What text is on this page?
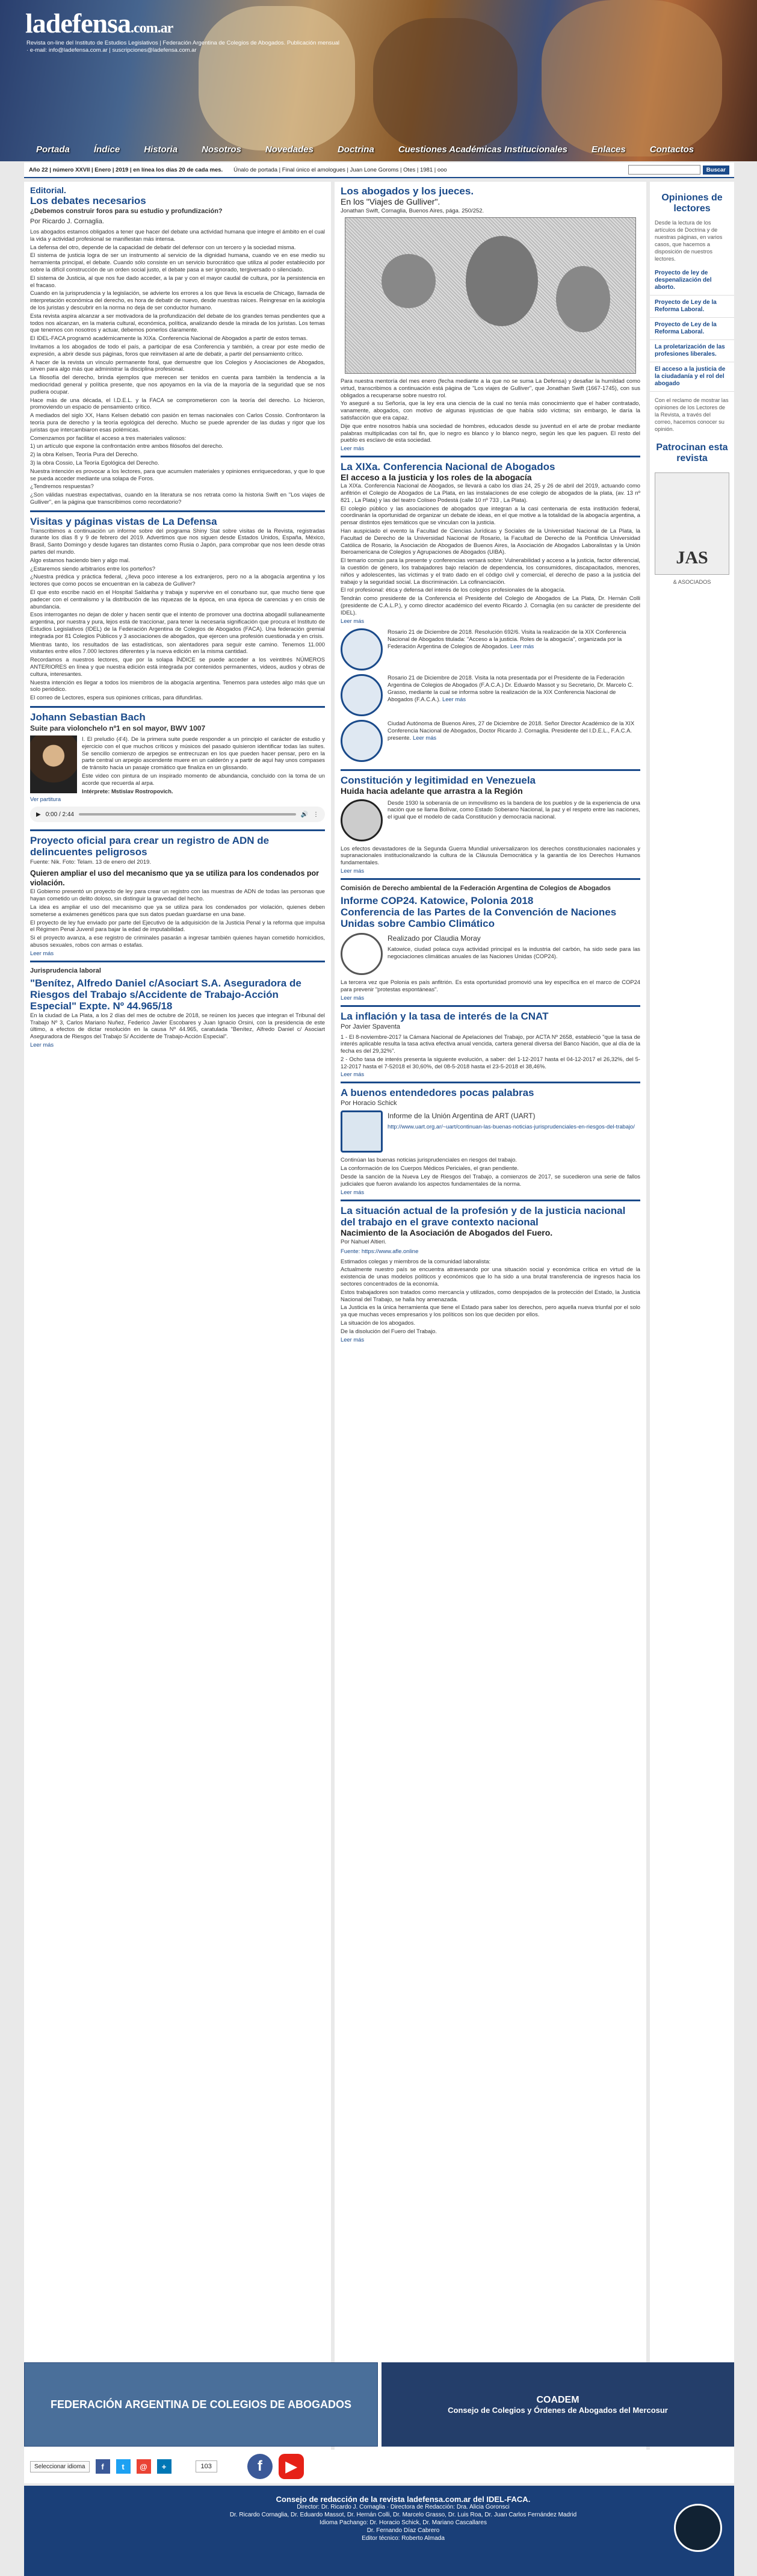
ladefensa.com.ar
Revista on-line del Instituto de Estudios Legislativos | Federación Argentina de Colegios de Abogados. Publicación mensual · e-mail: info@ladefensa.com.ar | suscripciones@ladefensa.com.ar
Portada	Índice	Historia	Nosotros	Novedades	Doctrina	Cuestiones Académicas Institucionales	Enlaces	Contactos
Año 22 | número XXVII | Enero | 2019 | en línea los días 20 de cada mes. Únalo de portada | Final único el amologues | Juan Lone Goroms | Otes | 1981 | ooo	Buscar
Editorial.
Los debates necesarios
¿Debemos construir foros para su estudio y profundización?
Por Ricardo J. Cornaglia.

Los abogados estamos obligados a tener que hacer del debate una actividad humana que integre el ámbito en el cual la vida y actividad profesional se manifiestan más intensa.

La defensa del otro, depende de la capacidad de debatir del defensor con un tercero y la sociedad misma.

El sistema de justicia logra de ser un instrumento al servicio de la dignidad humana, cuando ve en ese medio su herramienta principal, el debate. Cuando sólo consiste en un servicio burocrático que utiliza al poder establecido por sobre la difícil construcción de un orden social justo, el debate pasa a ser ignorado, tergiversado o silenciado.

El sistema de Justicia, al que nos fue dado acceder, a la par y con el mayor caudal de cultura, por la persistencia en el fracaso.

Cuando en la jurisprudencia y la legislación, se advierte los errores a los que lleva la escuela de Chicago, llamada de interpretación económica del derecho, es hora de debatir de nuevo, desde nuestras raíces. Reingresar en la axiología de los juristas y descubrir en la norma no deja de ser conductor humano.

Esta revista aspira alcanzar a ser motivadora de la profundización del debate de los grandes temas pendientes que a todos nos alcanzan, en la materia cultural, económica, política, analizando desde la mirada de los juristas. Los temas que tenemos con nosotros y actuar, debemos ponerlos claramente.

El IDEL-FACA programó académicamente la XIXa. Conferencia Nacional de Abogados a partir de estos temas.

Invitamos a los abogados de todo el país, a participar de esa Conferencia y también, a crear por este medio de expresión, a abrir desde sus páginas, foros que reinvitasen al arte de debatir, a partir del pensamiento crítico.

A hacer de la revista un vínculo permanente foral, que demuestre que los Colegios y Asociaciones de Abogados, sirven para algo más que administrar la disciplina profesional.

La filosofía del derecho, brinda ejemplos que merecen ser tenidos en cuenta para también la tendencia a la mediocridad general y política presente, que nos apoyamos en la vía de la mayoría de la seguridad que se nos pudiera ocupar.

Hace más de una década, el I.D.E.L. y la FACA se comprometieron con la teoría del derecho. Lo hicieron, promoviendo un espacio de pensamiento crítico.

A mediados del siglo XX, Hans Kelsen debatió con pasión en temas nacionales con Carlos Cossio. Confrontaron la teoría pura de derecho y la teoría egológica del derecho. Mucho se puede aprender de las dudas y rigor que los juristas que intercambiaron esas polémicas.

Comenzamos por facilitar el acceso a tres materiales valiosos:

1) un artículo que expone la confrontación entre ambos filósofos del derecho.

2) la obra Kelsen, Teoría Pura del Derecho.

3) la obra Cossio, La Teoría Egológica del Derecho.

Nuestra intención es provocar a los lectores, para que acumulen materiales y opiniones enriquecedoras, y que lo que se pueda acceder mediante una solapa de Foros.

¿Tendremos respuestas?

¿Son válidas nuestras expectativas, cuando en la literatura se nos retrata como la historia Swift en "Los viajes de Gulliver", en la página que transcribimos como recordatorio?

Visitas y páginas vistas de La Defensa

Transcribimos a continuación un informe sobre del programa Shiny Stat sobre visitas de la Revista, registradas durante los días 8 y 9 de febrero del 2019. Advertimos que nos siguen desde Estados Unidos, España, México, Brasil, Santo Domingo y desde lugares tan distantes como Rusia o Japón, para comprobar que nos leen desde otras partes del mundo.

Algo estamos haciendo bien y algo mal.

¿Estaremos siendo arbitrarios entre los porteños?

¿Nuestra prédica y práctica federal, ¿lleva poco interese a los extranjeros, pero no a la abogacía argentina y los lectores que como pocos se encuentran en la cabeza de Gulliver?

El que esto escribe nació en el Hospital Saldanha y trabaja y supervive en el conurbano sur, que mucho tiene que padecer con el centralismo y la distribución de las riquezas de la época, en una época de carencias y en crisis de abundancia.

Esos interrogantes no dejan de doler y hacen sentir que el intento de promover una doctrina abogadil sullaneamente argentina, por nuestra y pura, lejos está de traccionar, para tener la necesaria significación que procura el Instituto de Estudios Legislativos (IDEL) de la Federación Argentina de Colegios de Abogados (FACA). Una federación gremial integrada por 81 Colegios Públicos y 3 asociaciones de abogados, que ejercen una profesión cuestionada y en crisis.

Mientras tanto, los resultados de las estadísticas, son alentadores para seguir este camino. Tenemos 11.000 visitantes entre ellos 7.000 lectores diferentes y la nueva edición en la misma cantidad.

Recordamos a nuestros lectores, que por la solapa ÍNDICE se puede acceder a los veintitrés NÚMEROS ANTERIORES en línea y que nuestra edición está integrada por contenidos permanentes, videos, audios y obras de cultura, interesantes.

Nuestra intención es llegar a todos los miembros de la abogacía argentina. Tenemos para ustedes algo más que un solo periódico.

El correo de Lectores, espera sus opiniones críticas, para difundirlas.

Johann Sebastian Bach
Suite para violonchelo nº1 en sol mayor, BWV 1007

I. El preludio (4'4). De la primera suite puede responder a un principio el carácter de estudio y ejercicio con el que muchos críticos y músicos del pasado quisieron identificar todas las suites. Se sencillo comienzo de arpegios se entrecruzan en los que pueden hacer pensar, pero en la parte central un arpegio ascendente muere en un calderón y a partir de aquí hay unos compases de tránsito hacia un pasaje cromático que finaliza en un glissando.

Este video con pintura de un inspirado momento de abundancia, concluido con la toma de un acorde que recuerda al arpa.

Intérprete: Mstislav Rostropovich.

Ver partitura
▶ 0:00 / 2:44	🔊 ⋮
Proyecto oficial para crear un registro de ADN de delincuentes peligrosos
Fuente: Nik. Foto: Telam. 13 de enero del 2019.
Quieren ampliar el uso del mecanismo que ya se utiliza para los condenados por violación.

El Gobierno presentó un proyecto de ley para crear un registro con las muestras de ADN de todas las personas que hayan cometido un delito doloso, sin distinguir la gravedad del hecho.

La idea es ampliar el uso del mecanismo que ya se utiliza para los condenados por violación, quienes deben someterse a exámenes genéticos para que sus datos puedan guardarse en una base.

El proyecto de ley fue enviado por parte del Ejecutivo de la adquisición de la Justicia Penal y la reforma que impulsa el Régimen Penal Juvenil para bajar la edad de imputabilidad.

Si el proyecto avanza, a ese registro de criminales pasarán a ingresar también quienes hayan cometido homicidios, abusos sexuales, robos con armas o estafas.

Leer más
Jurisprudencia laboral
"Benítez, Alfredo Daniel c/Asociart S.A. Aseguradora de Riesgos del Trabajo s/Accidente de Trabajo-Acción Especial" Expte. Nº 44.965/18

En la ciudad de La Plata, a los 2 días del mes de octubre de 2018, se reúnen los jueces que integran el Tribunal del Trabajo Nº 3, Carlos Mariano Nuñez, Federico Javier Escobares y Juan Ignacio Orsini, con la presidencia de este último, a efectos de dictar resolución en la causa Nº 44.965, caratulada "Benítez, Alfredo Daniel c/ Asociart Aseguradora de Riesgos del Trabajo S/ Accidente de Trabajo-Acción Especial".

Leer más
Los abogados y los jueces.
En los "Viajes de Gulliver".
Jonathan Swift, Cornaglia, Buenos Aires, pága. 250/252.

Para nuestra mentoría del mes enero (fecha mediante a la que no se suma La Defensa) y desafiar la humildad como virtud, transcribimos a continuación está página de "Los viajes de Gulliver", que Jonathan Swift (1667-1745), con sus obligados a recuperarse sobre nuestro rol.

Yo aseguré a su Señoría, que la ley era una ciencia de la cual no tenía más conocimiento que el haber contratado, vanamente, abogados, con motivo de algunas injusticias de que había sido víctima; sin embargo, le daría la satisfacción que era capaz.

Dije que entre nosotros había una sociedad de hombres, educados desde su juventud en el arte de probar mediante palabras multiplicadas con tal fin, que lo negro es blanco y lo blanco negro, según les que les paguen. El resto del pueblo es esclavo de esta sociedad.

Leer más
La XIXa. Conferencia Nacional de Abogados
El acceso a la justicia y los roles de la abogacía

La XIXa. Conferencia Nacional de Abogados, se llevará a cabo los días 24, 25 y 26 de abril del 2019, actuando como anfitrión el Colegio de Abogados de La Plata, en las instalaciones de ese colegio de abogados de la plata, (av. 13 nº 821 , La Plata) y las del teatro Coliseo Podestá (calle 10 nº 733 , La Plata).

El colegio público y las asociaciones de abogados que integran a la casi centenaria de esta institución federal, coordinarán la oportunidad de organizar un debate de ideas, en el que motive a la totalidad de la abogacía argentina, a pensar distintos ejes temáticos que se vinculan con la justicia.

Han auspiciado el evento la Facultad de Ciencias Jurídicas y Sociales de la Universidad Nacional de La Plata, la Facultad de Derecho de la Universidad Nacional de Rosario, la Facultad de Derecho de la Pontificia Universidad Católica de Rosario, la Asociación de Abogados de Buenos Aires, la Asociación de Abogados Laboralistas y la Unión Iberoamericana de Colegios y Agrupaciones de Abogados (UIBA).

El temario común para la presente y conferencias versará sobre: Vulnerabilidad y acceso a la justicia, factor diferencial, la cuestión de género, los trabajadores bajo relación de dependencia, los consumidores, discapacitados, menores, niños y adolescentes, las víctimas y el trato dado en el código civil y comercial, el derecho de paso a la justicia del trabajo y la seguridad social. La discriminación. La cofinanciación.

El rol profesional: ética y defensa del interés de los colegios profesionales de la abogacía.

Tendrán como presidente de la Conferencia el Presidente del Colegio de Abogados de La Plata, Dr. Hernán Colli (presidente de C.A.L.P.), y como director académico del evento Ricardo J. Cornaglia (en su carácter de presidente del IDEL).

Leer más
Rosario 21 de Diciembre de 2018. Resolución 692/6. Visita la realización de la XIX Conferencia Nacional de Abogados titulada: "Acceso a la justicia. Roles de la abogacía", organizada por la Federación Argentina de Colegios de Abogados. Leer más
Rosario 21 de Diciembre de 2018. Visita la nota presentada por el Presidente de la Federación Argentina de Colegios de Abogados (F.A.C.A.) Dr. Eduardo Massot y su Secretario, Dr. Marcelo C. Grasso, mediante la cual se informa sobre la realización de la XIX Conferencia Nacional de Abogados (F.A.C.A.). Leer más
Ciudad Autónoma de Buenos Aires, 27 de Diciembre de 2018. Señor Director Académico de la XIX Conferencia Nacional de Abogados, Doctor Ricardo J. Cornaglia. Presidente del I.D.E.L., F.A.C.A. presente. Leer más
Constitución y legitimidad en Venezuela
Huida hacia adelante que arrastra a la Región

Desde 1930 la soberanía de un inmovilismo es la bandera de los pueblos y de la experiencia de una nación que se llama Bolívar, como Estado Soberano Nacional, la paz y el respeto entre las naciones, el igual que el modelo de cada Constitución y democracia nacional.

Los efectos devastadores de la Segunda Guerra Mundial universalizaron los derechos constitucionales nacionales y supranacionales institucionalizando la cultura de la Cláusula Democrática y la garantía de los Derechos Humanos fundamentales.

Leer más
Comisión de Derecho ambiental de la Federación Argentina de Colegios de Abogados
Informe COP24. Katowice, Polonia 2018
Conferencia de las Partes de la Convención de Naciones Unidas sobre Cambio Climático
Realizado por Claudia Moray

Katowice, ciudad polaca cuya actividad principal es la industria del carbón, ha sido sede para las negociaciones climáticas anuales de las Naciones Unidas (COP24).

La tercera vez que Polonia es país anfitrión. Es esta oportunidad promovió una ley específica en el marco de COP24 para prevenir "protestas espontáneas".

Leer más
La inflación y la tasa de interés de la CNAT
Por Javier Spaventa

1 - El 8-noviembre-2017 la Cámara Nacional de Apelaciones del Trabajo, por ACTA Nº 2658, estableció "que la tasa de interés aplicable resulta la tasa activa efectiva anual vencida, cartera general diversa del Banco Nación, que al día de la fecha es del 29,32%".

2 - Ocho tasa de interés presenta la siguiente evolución, a saber: del 1-12-2017 hasta el 04-12-2017 el 26,32%, del 5-12-2017 hasta el 7-52018 el 30,60%, del 08-5-2018 hasta el 23-5-2018 el 38,46%.

Leer más
A buenos entendedores pocas palabras
Por Horacio Schick
Informe de la Unión Argentina de ART (UART)
http://www.uart.org.ar/~uart/continuan-las-buenas-noticias-jurisprudenciales-en-riesgos-del-trabajo/

Continúan las buenas noticias jurisprudenciales en riesgos del trabajo.

La conformación de los Cuerpos Médicos Periciales, el gran pendiente.

Desde la sanción de la Nueva Ley de Riesgos del Trabajo, a comienzos de 2017, se sucedieron una serie de fallos judiciales que fueron avalando los aspectos fundamentales de la norma.

Leer más
La situación actual de la profesión y de la justicia nacional del trabajo en el grave contexto nacional
Nacimiento de la Asociación de Abogados del Fuero.
Por Nahuel Altieri.
Fuente: https://www.afle.online

Estimados colegas y miembros de la comunidad laboralista:

Actualmente nuestro país se encuentra atravesando por una situación social y económica crítica en virtud de la existencia de unas modelos políticos y económicos que lo ha sido a una brutal transferencia de ingresos hacia los sectores concentrados de la economía.

Estos trabajadores son tratados como mercancía y utilizados, como despojados de la protección del Estado, la Justicia Nacional del Trabajo, se halla hoy amenazada.

La Justicia es la única herramienta que tiene el Estado para saber los derechos, pero aquella nueva triunfal por el solo ya que muchas veces empresarios y los políticos son los que deciden por ellos.

La situación de los abogados.

De la disolución del Fuero del Trabajo.

Leer más
Opiniones de lectores
Desde la lectura de los artículos de Doctrina y de nuestras páginas, en varios casos, que hacemos a disposición de nuestros lectores.
Proyecto de ley de despenalización del aborto.
Proyecto de Ley de la Reforma Laboral.
Proyecto de Ley de la Reforma Laboral.
La proletarización de las profesiones liberales.
El acceso a la justicia de la ciudadanía y el rol del abogado
Con el reclamo de mostrar las opiniones de los Lectores de la Revista, a través del correo, hacemos conocer su opinión.
Patrocinan esta revista
JAS
& ASOCIADOS
FEDERACIÓN ARGENTINA DE COLEGIOS DE ABOGADOS	COADEM
Consejo de Colegios y Órdenes de Abogados del Mercosur
Seleccionar idioma	f	t	@	+	103	f	▶
Consejo de redacción de la revista ladefensa.com.ar del IDEL-FACA.
Director: Dr. Ricardo J. Cornaglia · Directora de Redacción: Dra. Alicia Goronsci
Dr. Ricardo Cornaglia, Dr. Eduardo Massot, Dr. Hernán Colli, Dr. Marcelo Grasso, Dr. Luis Roa, Dr. Juan Carlos Fernández Madrid
Idioma Pachango: Dr. Horacio Schick, Dr. Mariano Cascallares
Dr. Fernando Díaz Cabrero
Editor técnico: Roberto Almada
